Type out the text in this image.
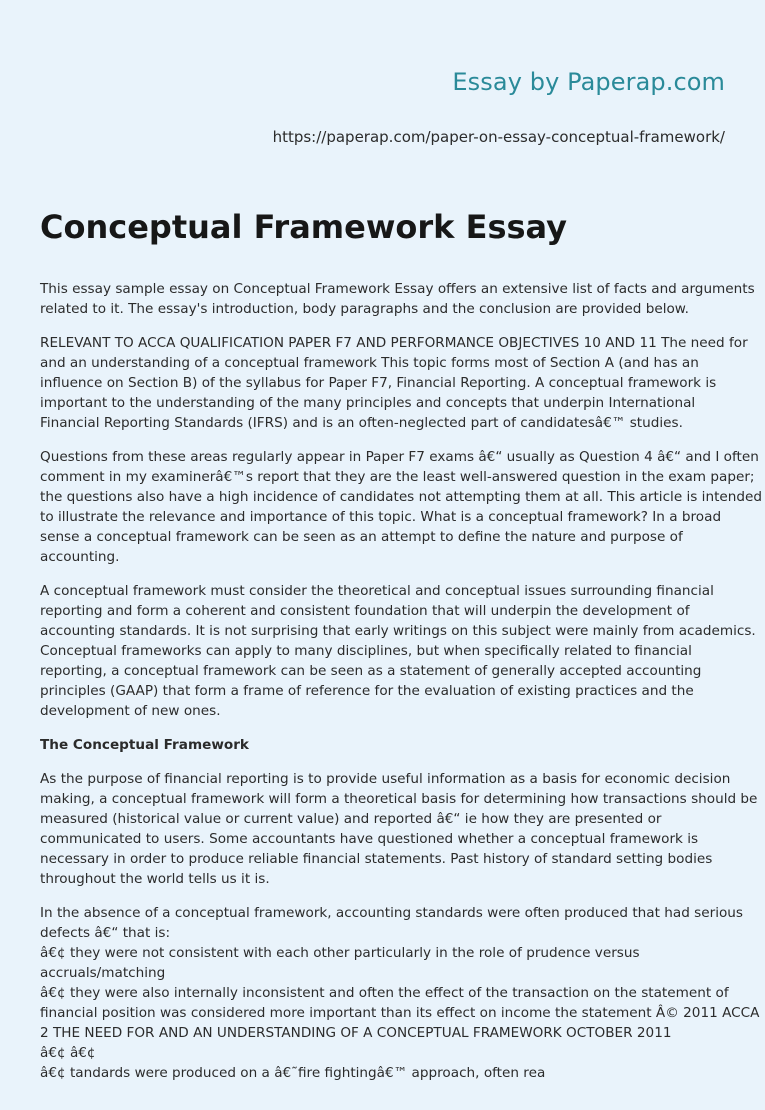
Essay by Paperap.com
https://paperap.com/paper-on-essay-conceptual-framework/
Conceptual Framework Essay

This essay sample essay on Conceptual Framework Essay offers an extensive list of facts and arguments
related to it. The essay's introduction, body paragraphs and the conclusion are provided below.

RELEVANT TO ACCA QUALIFICATION PAPER F7 AND PERFORMANCE OBJECTIVES 10 AND 11 The need for
and an understanding of a conceptual framework This topic forms most of Section A (and has an
influence on Section B) of the syllabus for Paper F7, Financial Reporting. A conceptual framework is
important to the understanding of the many principles and concepts that underpin International
Financial Reporting Standards (IFRS) and is an often-neglected part of candidatesâ€™ studies.

Questions from these areas regularly appear in Paper F7 exams â€“ usually as Question 4 â€“ and I often
comment in my examinerâ€™s report that they are the least well-answered question in the exam paper;
the questions also have a high incidence of candidates not attempting them at all. This article is intended
to illustrate the relevance and importance of this topic. What is a conceptual framework? In a broad
sense a conceptual framework can be seen as an attempt to define the nature and purpose of
accounting.

A conceptual framework must consider the theoretical and conceptual issues surrounding financial
reporting and form a coherent and consistent foundation that will underpin the development of
accounting standards. It is not surprising that early writings on this subject were mainly from academics.
Conceptual frameworks can apply to many disciplines, but when specifically related to financial
reporting, a conceptual framework can be seen as a statement of generally accepted accounting
principles (GAAP) that form a frame of reference for the evaluation of existing practices and the
development of new ones.

The Conceptual Framework

As the purpose of financial reporting is to provide useful information as a basis for economic decision
making, a conceptual framework will form a theoretical basis for determining how transactions should be
measured (historical value or current value) and reported â€“ ie how they are presented or
communicated to users. Some accountants have questioned whether a conceptual framework is
necessary in order to produce reliable financial statements. Past history of standard setting bodies
throughout the world tells us it is.

In the absence of a conceptual framework, accounting standards were often produced that had serious
defects â€“ that is:
â€¢ they were not consistent with each other particularly in the role of prudence versus
accruals/matching
â€¢ they were also internally inconsistent and often the effect of the transaction on the statement of
financial position was considered more important than its effect on income the statement Â© 2011 ACCA
2 THE NEED FOR AND AN UNDERSTANDING OF A CONCEPTUAL FRAMEWORK OCTOBER 2011
â€¢ â€¢
â€¢ tandards were produced on a â€˜fire fightingâ€™ approach, often rea
